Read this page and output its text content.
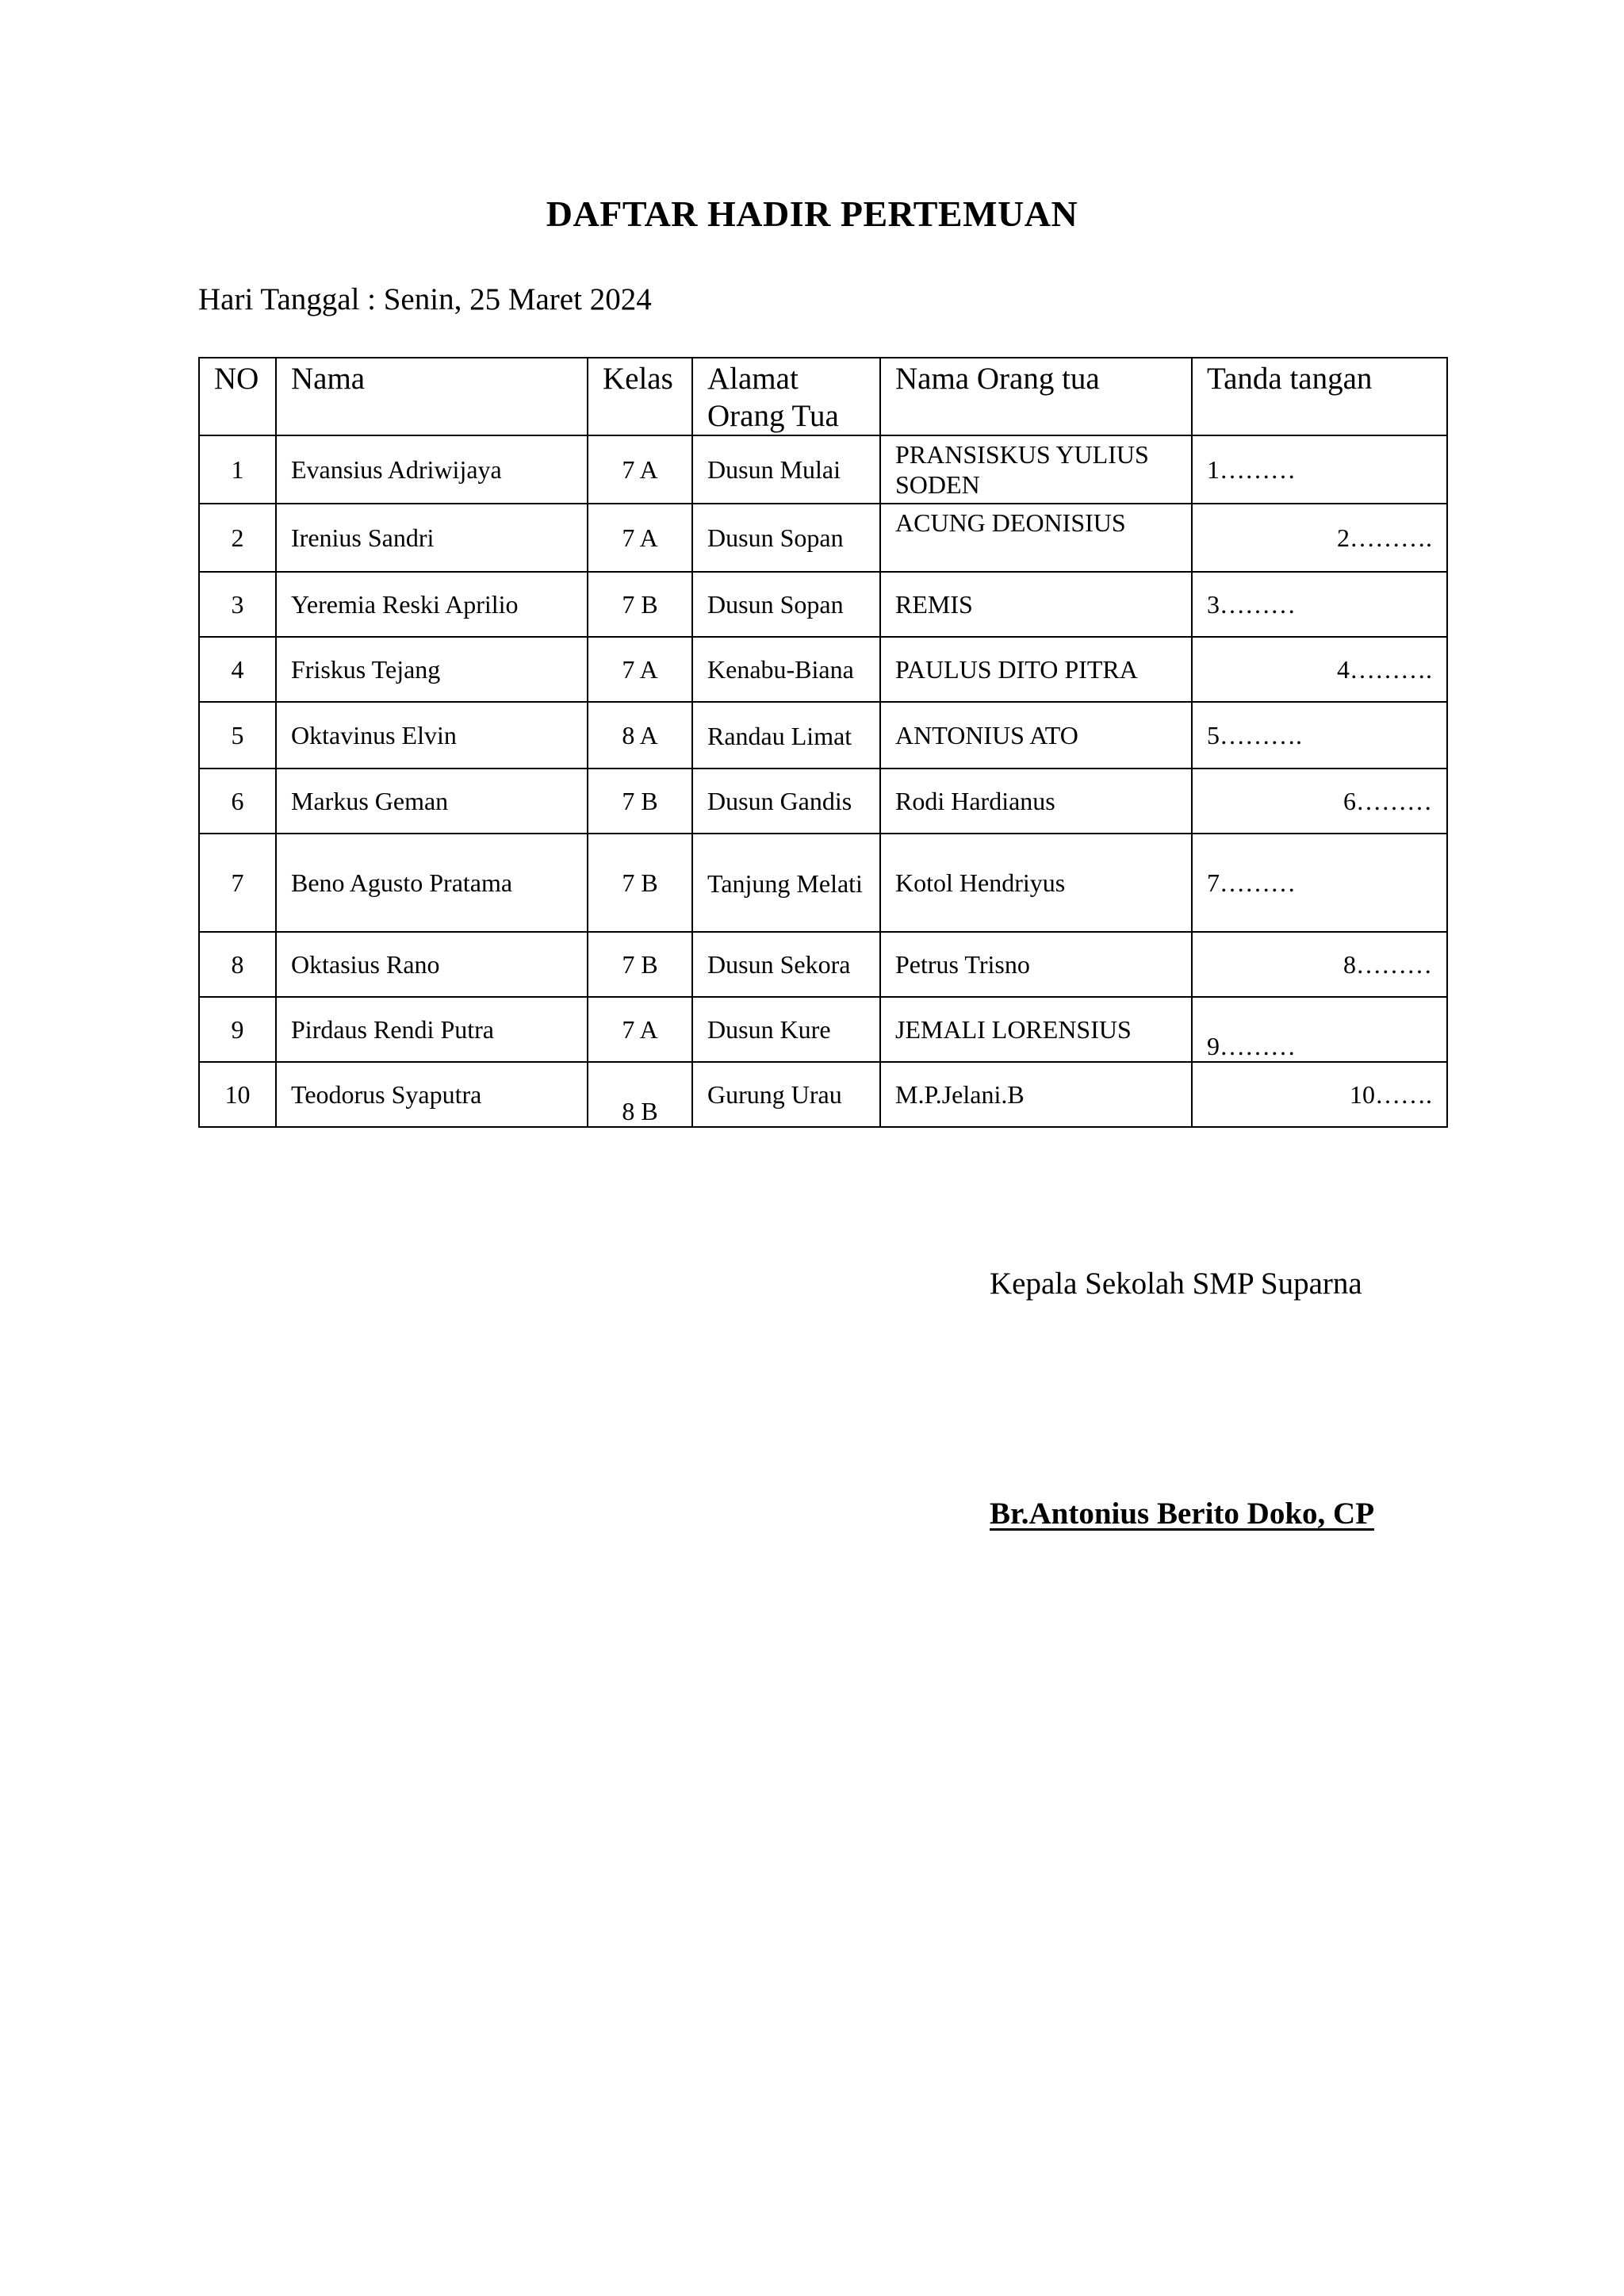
DAFTAR HADIR PERTEMUAN
Hari Tanggal : Senin, 25 Maret 2024
NO	Nama	Kelas	Alamat Orang Tua	Nama Orang tua	Tanda tangan
1	Evansius Adriwijaya	7 A	Dusun Mulai	PRANSISKUS YULIUS SODEN	1………
2	Irenius Sandri	7 A	Dusun Sopan	ACUNG DEONISIUS	2……….
3	Yeremia Reski Aprilio	7 B	Dusun Sopan	REMIS	3………
4	Friskus Tejang	7 A	Kenabu-Biana	PAULUS DITO PITRA	4……….
5	Oktavinus Elvin	8 A	Randau Limat	ANTONIUS ATO	5……….
6	Markus Geman	7 B	Dusun Gandis	Rodi Hardianus	6………
7	Beno Agusto Pratama	7 B	Tanjung Melati	Kotol Hendriyus	7………
8	Oktasius Rano	7 B	Dusun Sekora	Petrus Trisno	8………
9	Pirdaus Rendi Putra	7 A	Dusun Kure	JEMALI LORENSIUS	9………
10	Teodorus Syaputra	8 B	Gurung Urau	M.P.Jelani.B	10…….
Kepala Sekolah SMP Suparna
Br.Antonius Berito Doko, CP
